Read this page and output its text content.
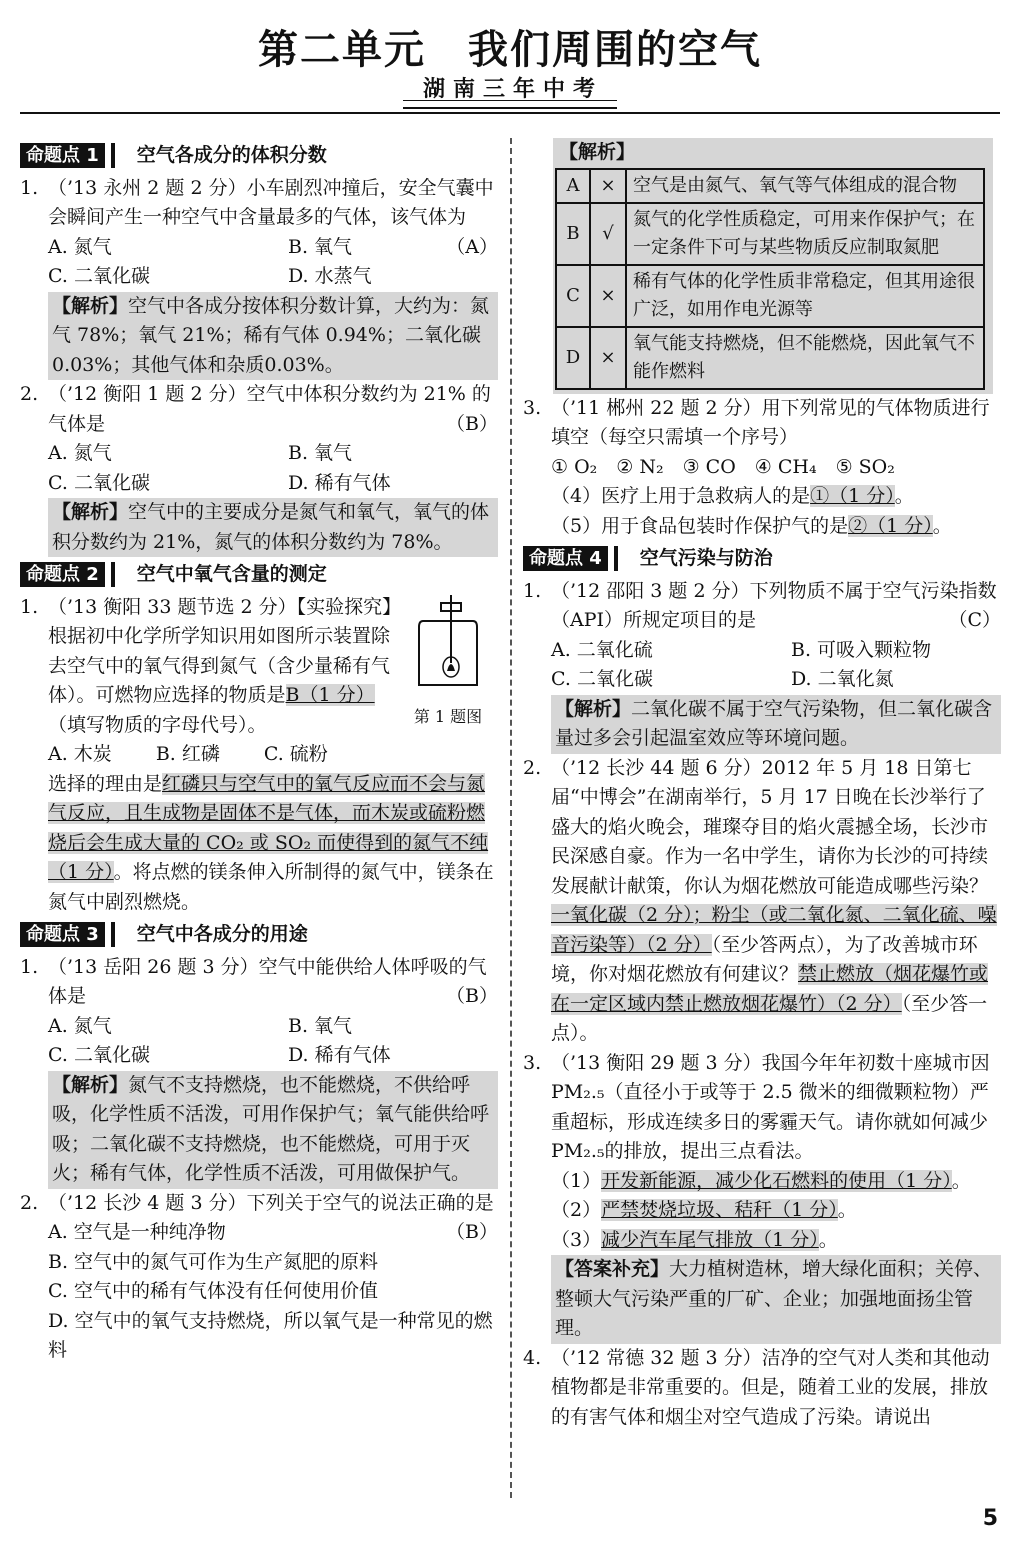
第二单元　我们周围的空气
湖南三年中考
命题点 1	空气各成分的体积分数
1. （’13 永州 2 题 2 分）小车剧烈冲撞后，安全气囊中会瞬间产生一种空气中含量最多的气体，该气体为
（A）
A. 氮气	B. 氧气
C. 二氧化碳	D. 水蒸气
【解析】空气中各成分按体积分数计算，大约为：氮气 78%；氧气 21%；稀有气体 0.94%；二氧化碳 0.03%；其他气体和杂质0.03%。
2. （’12 衡阳 1 题 2 分）空气中体积分数约为 21% 的气体是	（B）
A. 氮气	B. 氧气
C. 二氧化碳	D. 稀有气体
【解析】空气中的主要成分是氮气和氧气，氧气的体积分数约为 21%，氮气的体积分数约为 78%。
命题点 2	空气中氧气含量的测定
1. （’13 衡阳 33 题节选 2 分）【实验探究】根据初中化学所学知识用如图所示装置除去空气中的氧气得到氮气（含少量稀有气体）。可燃物应选择的物质是B（1 分）（填写物质的字母代号）。	第 1 题图
A. 木炭 B. 红磷 C. 硫粉
选择的理由是红磷只与空气中的氧气反应而不会与氮气反应，且生成物是固体不是气体，而木炭或硫粉燃烧后会生成大量的 CO₂ 或 SO₂ 而使得到的氮气不纯（1 分）。将点燃的镁条伸入所制得的氮气中，镁条在氮气中剧烈燃烧。
命题点 3	空气中各成分的用途
1. （’13 岳阳 26 题 3 分）空气中能供给人体呼吸的气体是	（B）
A. 氮气	B. 氧气
C. 二氧化碳	D. 稀有气体
【解析】氮气不支持燃烧，也不能燃烧，不供给呼吸，化学性质不活泼，可用作保护气；氧气能供给呼吸；二氧化碳不支持燃烧，也不能燃烧，可用于灭火；稀有气体，化学性质不活泼，可用做保护气。
2. （’12 长沙 4 题 3 分）下列关于空气的说法正确的是
（B）
A. 空气是一种纯净物
B. 空气中的氮气可作为生产氮肥的原料
C. 空气中的稀有气体没有任何使用价值
D. 空气中的氧气支持燃烧，所以氧气是一种常见的燃料
【解析】
A	×	空气是由氮气、氧气等气体组成的混合物
B	√	氮气的化学性质稳定，可用来作保护气；在一定条件下可与某些物质反应制取氮肥
C	×	稀有气体的化学性质非常稳定，但其用途很广泛，如用作电光源等
D	×	氧气能支持燃烧，但不能燃烧，因此氧气不能作燃料
3. （’11 郴州 22 题 2 分）用下列常见的气体物质进行填空（每空只需填一个序号）
① O₂　② N₂　③ CO　④ CH₄　⑤ SO₂
（4）医疗上用于急救病人的是①（1 分）。
（5）用于食品包装时作保护气的是②（1 分）。
命题点 4	空气污染与防治
1. （’12 邵阳 3 题 2 分）下列物质不属于空气污染指数（API）所规定项目的是	（C）
A. 二氧化硫	B. 可吸入颗粒物
C. 二氧化碳	D. 二氧化氮
【解析】二氧化碳不属于空气污染物，但二氧化碳含量过多会引起温室效应等环境问题。
2. （’12 长沙 44 题 6 分）2012 年 5 月 18 日第七届“中博会”在湖南举行，5 月 17 日晚在长沙举行了盛大的焰火晚会，璀璨夺目的焰火震撼全场，长沙市民深感自豪。作为一名中学生，请你为长沙的可持续发展献计献策，你认为烟花燃放可能造成哪些污染？一氧化碳（2 分）；粉尘（或二氧化氮、二氧化硫、噪音污染等）（2 分）（至少答两点），为了改善城市环境，你对烟花燃放有何建议？禁止燃放（烟花爆竹或在一定区域内禁止燃放烟花爆竹）（2 分）（至少答一点）。
3. （’13 衡阳 29 题 3 分）我国今年年初数十座城市因 PM₂.₅（直径小于或等于 2.5 微米的细微颗粒物）严重超标，形成连续多日的雾霾天气。请你就如何减少 PM₂.₅的排放，提出三点看法。
（1）开发新能源，减少化石燃料的使用（1 分）。
（2）严禁焚烧垃圾、秸秆（1 分）。
（3）减少汽车尾气排放（1 分）。
【答案补充】大力植树造林，增大绿化面积；关停、整顿大气污染严重的厂矿、企业；加强地面扬尘管理。
4. （’12 常德 32 题 3 分）洁净的空气对人类和其他动植物都是非常重要的。但是，随着工业的发展，排放的有害气体和烟尘对空气造成了污染。请说出
5
